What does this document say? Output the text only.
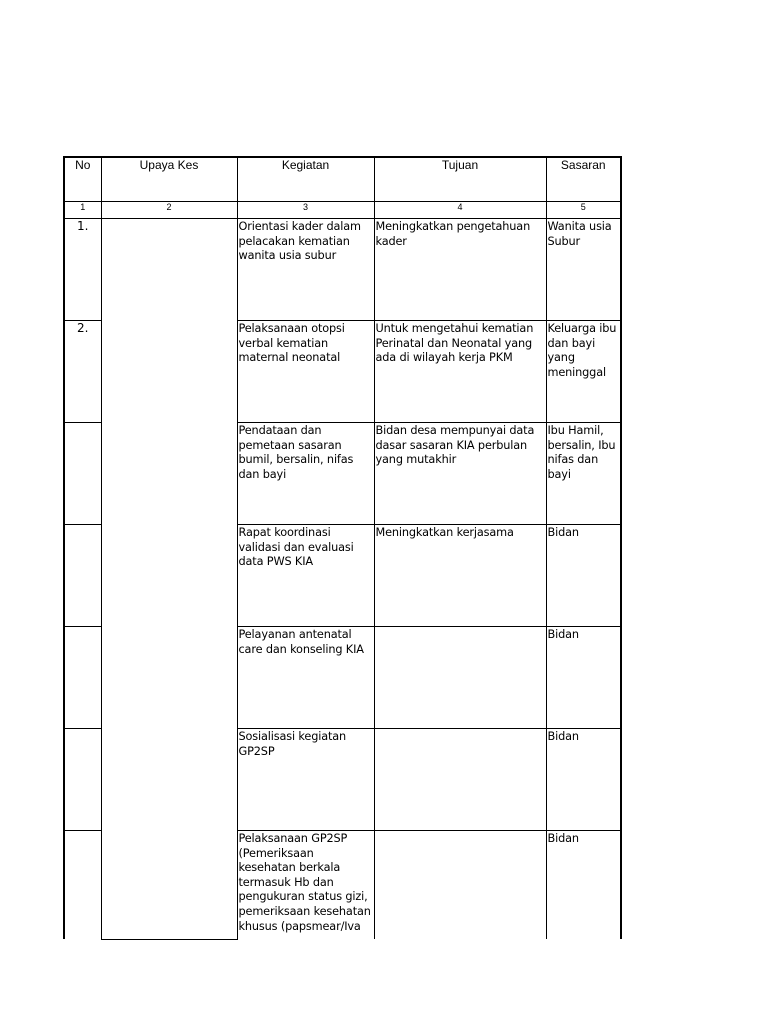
No	Upaya Kes	Kegiatan	Tujuan	Sasaran
1	2	3	4	5
1.		Orientasi kader dalam pelacakan kematian wanita usia subur	Meningkatkan pengetahuan kader	Wanita usia Subur

2.		Pelaksanaan otopsi verbal kematian maternal neonatal	Untuk mengetahui kematian Perinatal dan Neonatal yang ada di wilayah kerja PKM	Keluarga ibu dan bayi yang meninggal

		Pendataan dan pemetaan sasaran bumil, bersalin, nifas dan bayi	Bidan desa mempunyai data dasar sasaran KIA perbulan yang mutakhir	Ibu Hamil, bersalin, Ibu nifas dan bayi

		Rapat koordinasi validasi dan evaluasi data PWS KIA	Meningkatkan kerjasama	Bidan

		Pelayanan antenatal care dan konseling KIA		Bidan

		Sosialisasi kegiatan GP2SP		Bidan

		Pelaksanaan GP2SP (Pemeriksaan kesehatan berkala termasuk Hb dan pengukuran status gizi, pemeriksaan kesehatan khusus (papsmear/Iva		Bidan
